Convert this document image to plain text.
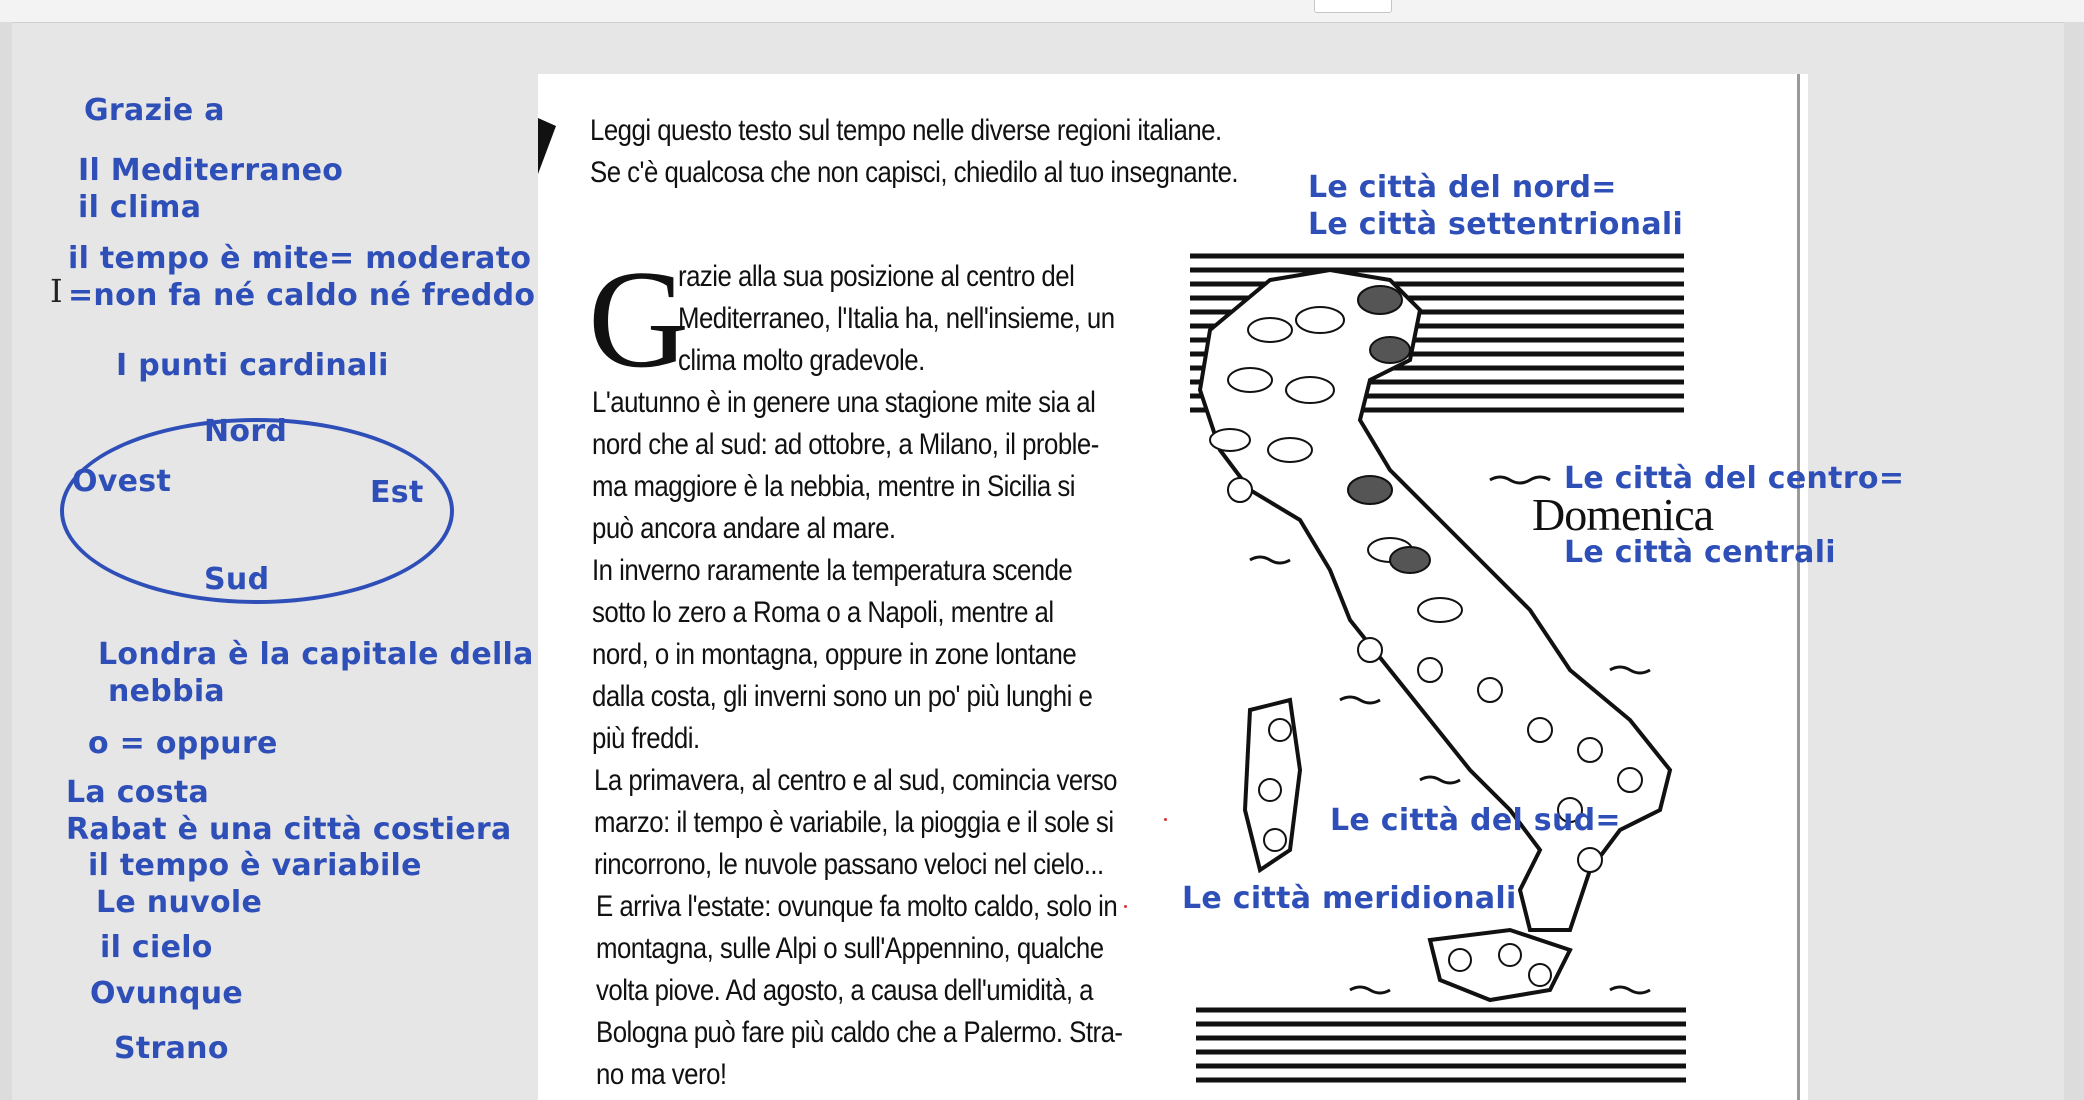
Grazie a
Il Mediterraneo
il clima
il tempo è mite= moderato
=non fa né caldo né freddo
I
I punti cardinali
Nord
Ovest	Est
Sud
Londra è la capitale della
nebbia
o = oppure
La costa
Rabat è una città costiera
il tempo è variabile
Le nuvole
il cielo
Ovunque
Strano
Leggi questo testo sul tempo nelle diverse regioni italiane.
Se c'è qualcosa che non capisci, chiedilo al tuo insegnante.
G
razie alla sua posizione al centro del
Mediterraneo, l'Italia ha, nell'insieme, un
clima molto gradevole.
L'autunno è in genere una stagione mite sia al
nord che al sud: ad ottobre, a Milano, il proble-
ma maggiore è la nebbia, mentre in Sicilia si
può ancora andare al mare.
In inverno raramente la temperatura scende
sotto lo zero a Roma o a Napoli, mentre al
nord, o in montagna, oppure in zone lontane
dalla costa, gli inverni sono un po' più lunghi e
più freddi.
La primavera, al centro e al sud, comincia verso
marzo: il tempo è variabile, la pioggia e il sole si
rincorrono, le nuvole passano veloci nel cielo...
E arriva l'estate: ovunque fa molto caldo, solo in
montagna, sulle Alpi o sull'Appennino, qualche
volta piove. Ad agosto, a causa dell'umidità, a
Bologna può fare più caldo che a Palermo. Stra-
no ma vero!
Domenica
Le città del nord=
Le città settentrionali
Le città del centro=
Le città centrali
Le città del sud=
Le città meridionali
